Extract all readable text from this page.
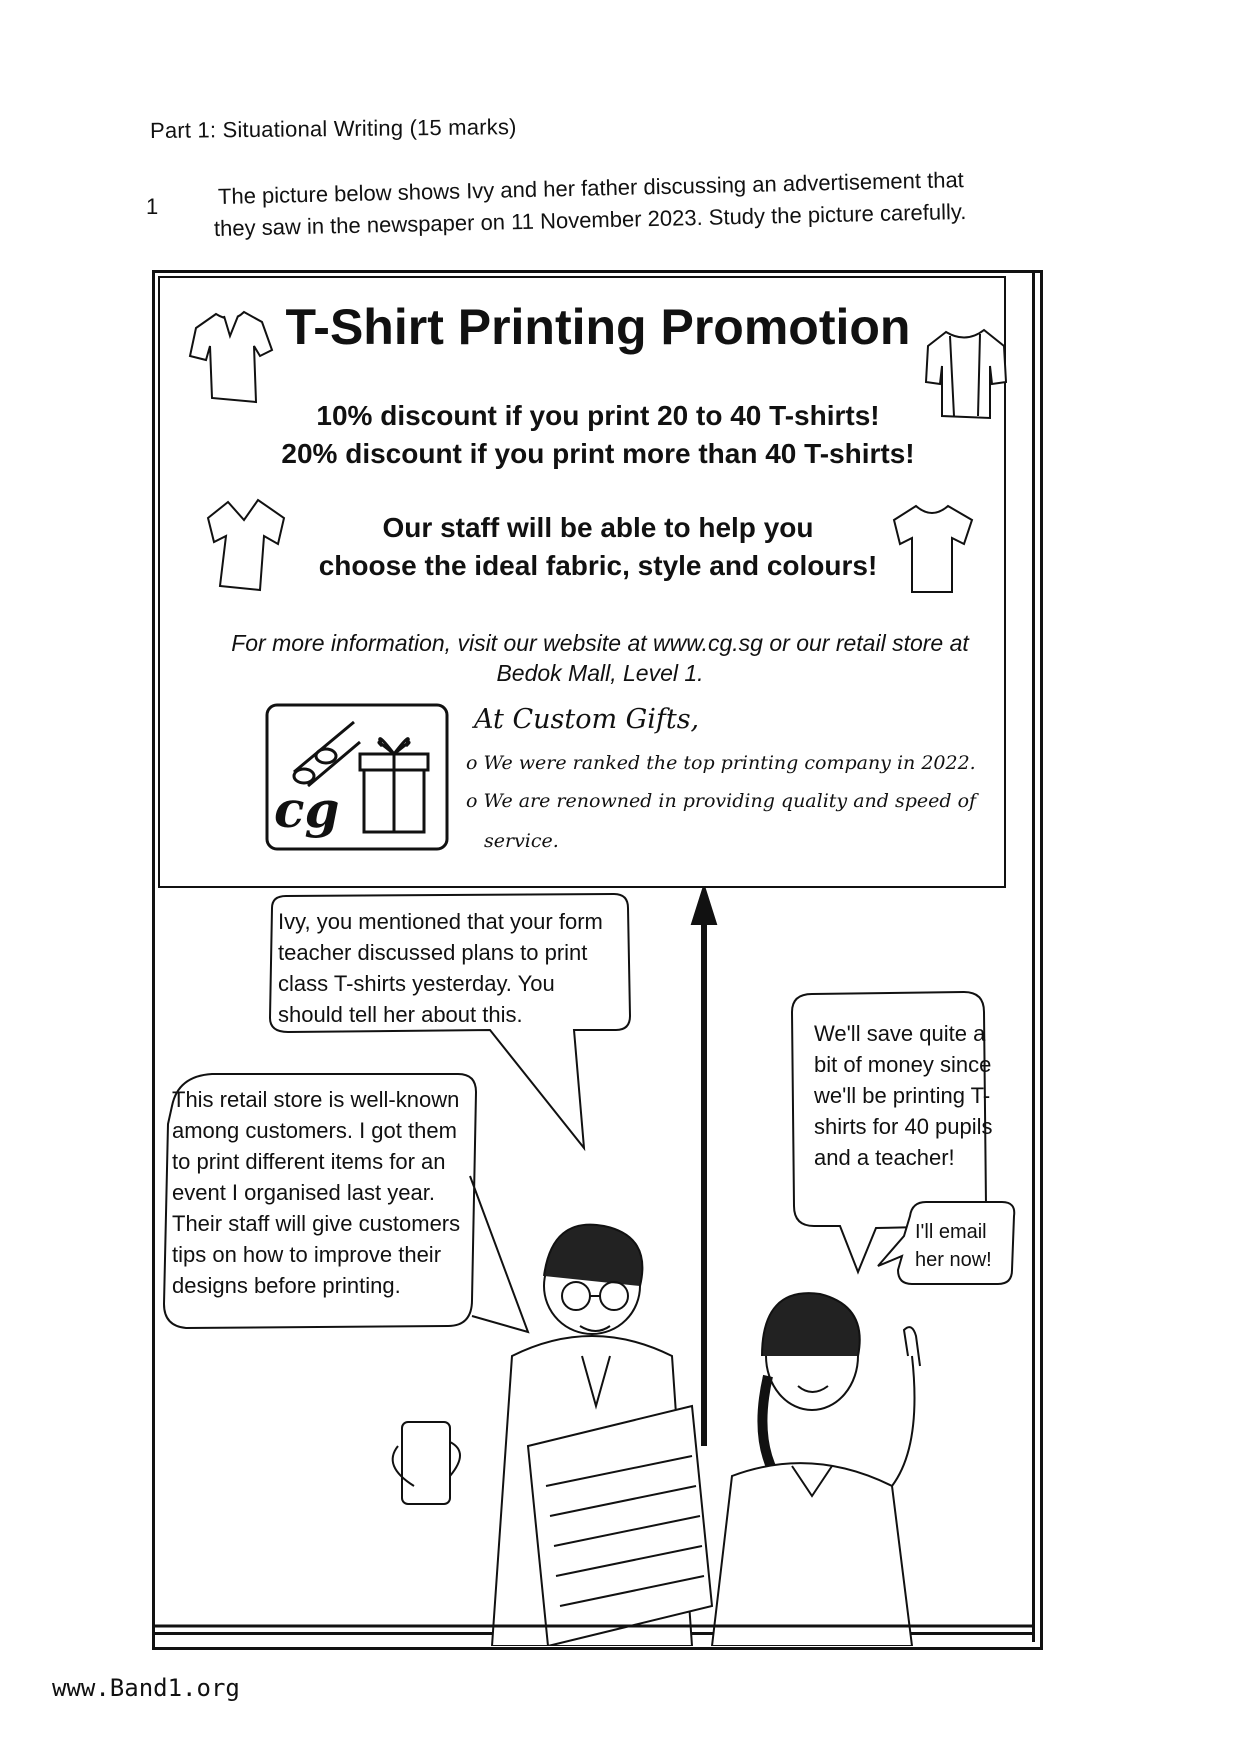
Part 1: Situational Writing (15 marks)
1	The picture below shows Ivy and her father discussing an advertisement that
they saw in the newspaper on 11 November 2023. Study the picture carefully.
T-Shirt Printing Promotion
10% discount if you print 20 to 40 T-shirts!
20% discount if you print more than 40 T-shirts!
Our staff will be able to help you
choose the ideal fabric, style and colours!
For more information, visit our website at www.cg.sg or our retail store at
Bedok Mall, Level 1.
At Custom Gifts,
o We were ranked the top printing company in 2022.
o We are renowned in providing quality and speed of
service.
cg
Ivy, you mentioned that your form teacher discussed plans to print class T-shirts yesterday. You should tell her about this.
This retail store is well-known among customers. I got them to print different items for an event I organised last year. Their staff will give customers tips on how to improve their designs before printing.
We'll save quite a bit of money since we'll be printing T-shirts for 40 pupils and a teacher!
I'll email her now!
www.Band1.org
